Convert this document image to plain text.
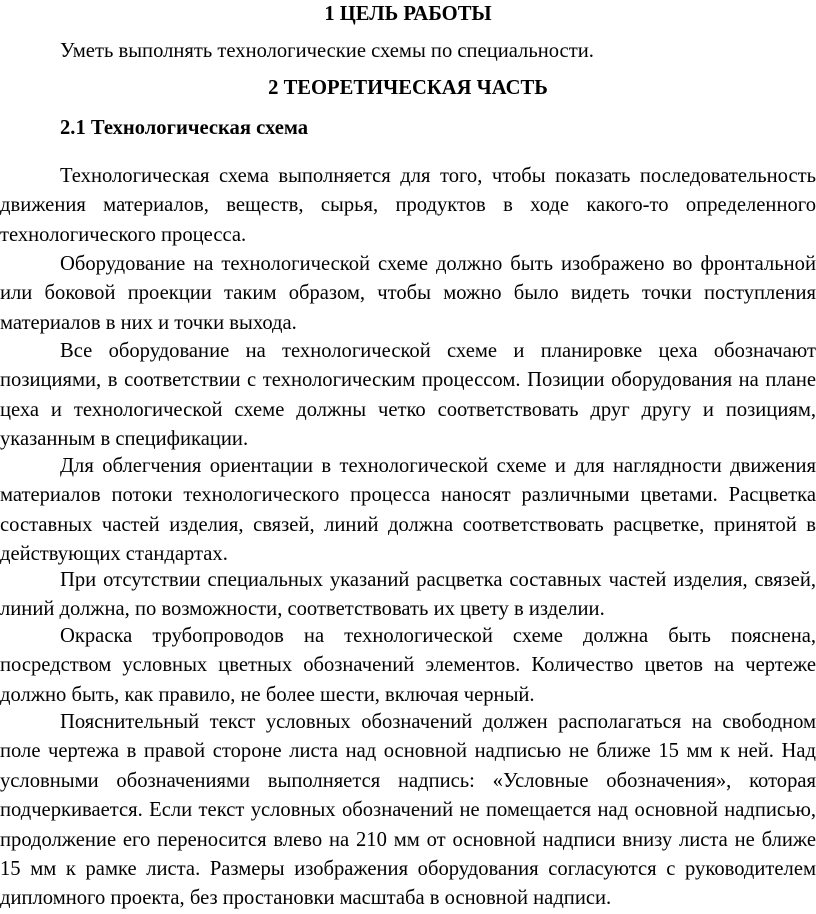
1 ЦЕЛЬ РАБОТЫ
Уметь выполнять технологические схемы по специальности.
2 ТЕОРЕТИЧЕСКАЯ ЧАСТЬ
2.1 Технологическая схема

Технологическая схема выполняется для того, чтобы показать последовательность движения материалов, веществ, сырья, продуктов в ходе какого-то определенного технологического процесса.

Оборудование на технологической схеме должно быть изображено во фронтальной или боковой проекции таким образом, чтобы можно было видеть точки поступления материалов в них и точки выхода.

Все оборудование на технологической схеме и планировке цеха обозначают позициями, в соответствии с технологическим процессом. Позиции оборудования на плане цеха и технологической схеме должны четко соответствовать друг другу и позициям, указанным в спецификации.

Для облегчения ориентации в технологической схеме и для наглядности движения материалов потоки технологического процесса наносят различными цветами. Расцветка составных частей изделия, связей, линий должна соответствовать расцветке, принятой в действующих стандартах.

При отсутствии специальных указаний расцветка составных частей изделия, связей, линий должна, по возможности, соответствовать их цвету в изделии.

Окраска трубопроводов на технологической схеме должна быть пояснена, посредством условных цветных обозначений элементов. Количество цветов на чертеже должно быть, как правило, не более шести, включая черный.

Пояснительный текст условных обозначений должен располагаться на свободном поле чертежа в правой стороне листа над основной надписью не ближе 15 мм к ней. Над условными обозначениями выполняется надпись: «Условные обозначения», которая подчеркивается. Если текст условных обозначений не помещается над основной надписью, продолжение его переносится влево на 210 мм от основной надписи внизу листа не ближе 15 мм к рамке листа. Размеры изображения оборудования согласуются с руководителем дипломного проекта, без простановки масштаба в основной надписи.
